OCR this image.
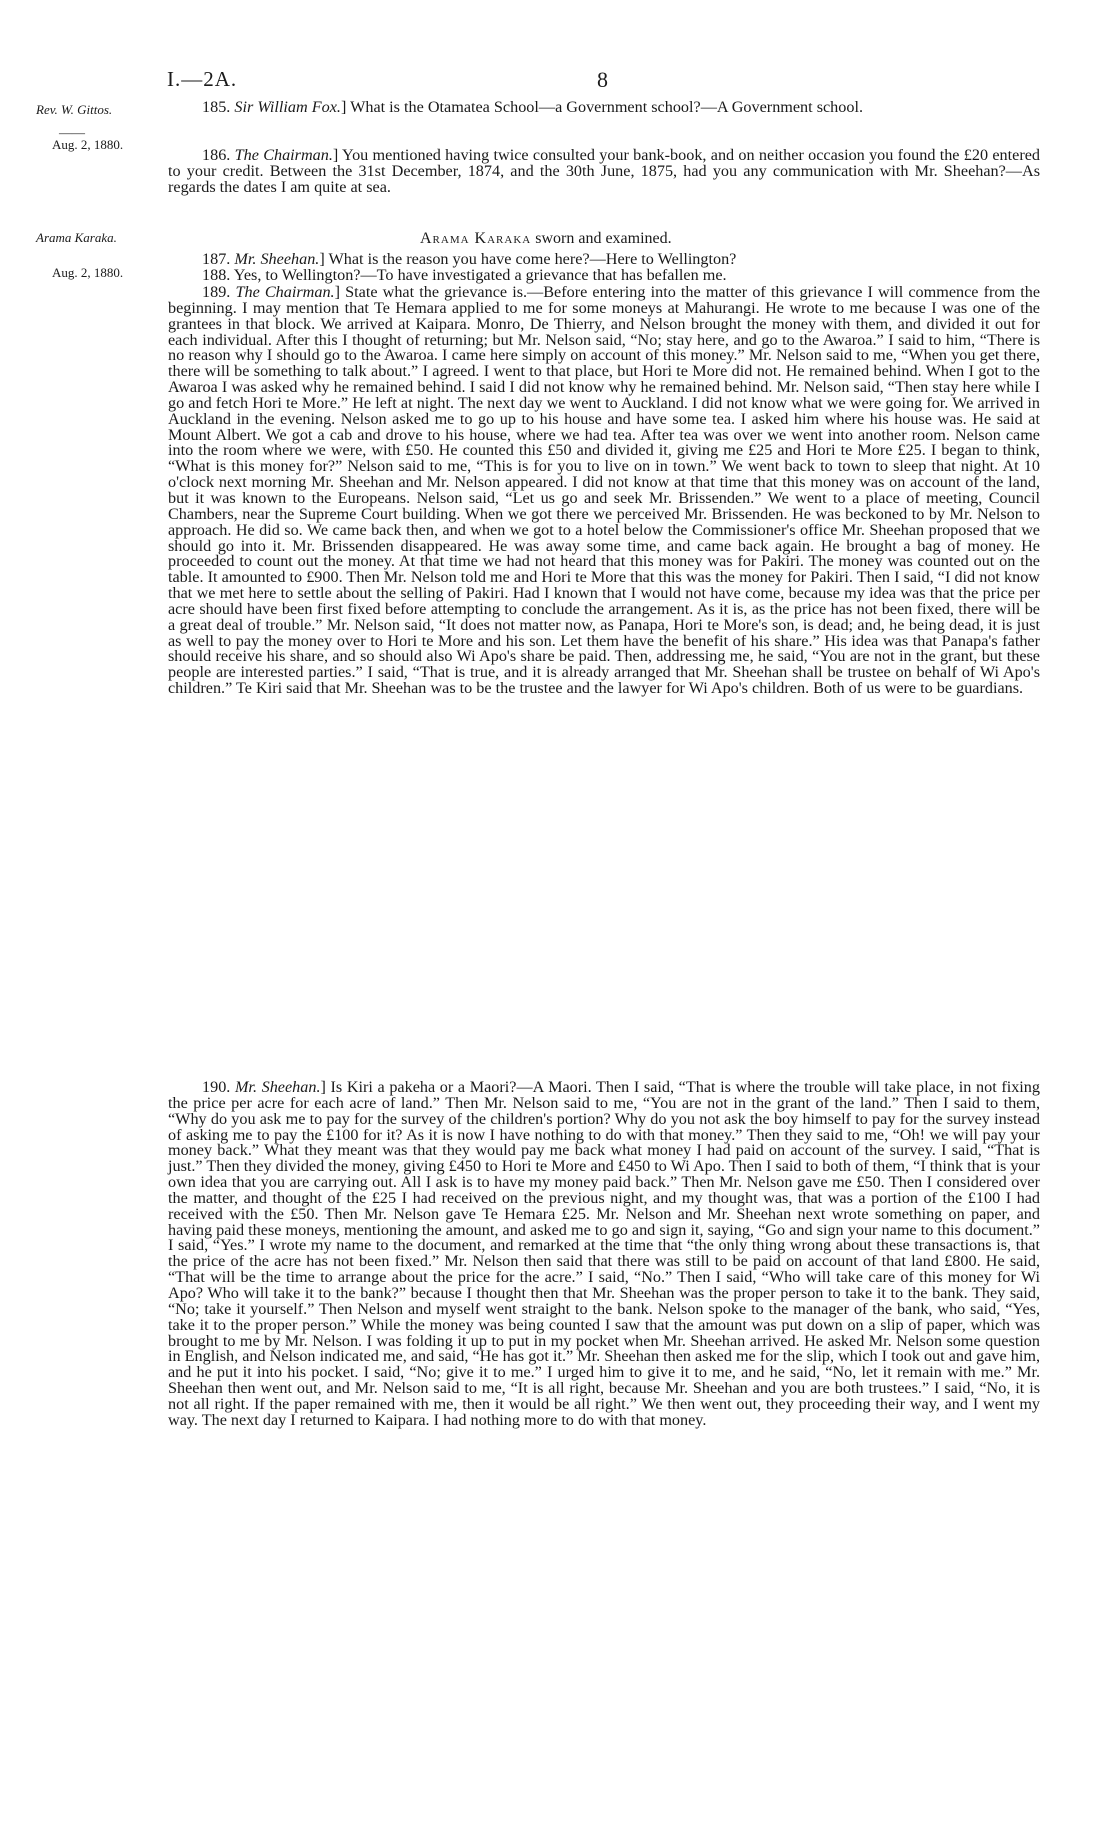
I.—2A.	8
Rev. W. Gittos.
——
Aug. 2, 1880.
Arama Karaka.
Aug. 2, 1880.

185. Sir William Fox.] What is the Otamatea School—a Government school?—A Government school.

186. The Chairman.] You mentioned having twice consulted your bank-book, and on neither occasion you found the £20 entered to your credit. Between the 31st December, 1874, and the 30th June, 1875, had you any communication with Mr. Sheehan?—As regards the dates I am quite at sea.

Arama Karaka sworn and examined.

187. Mr. Sheehan.] What is the reason you have come here?—Here to Wellington?

188. Yes, to Wellington?—To have investigated a grievance that has befallen me.

189. The Chairman.] State what the grievance is.—Before entering into the matter of this grievance I will commence from the beginning. I may mention that Te Hemara applied to me for some moneys at Mahurangi. He wrote to me because I was one of the grantees in that block. We arrived at Kaipara. Monro, De Thierry, and Nelson brought the money with them, and divided it out for each individual. After this I thought of returning; but Mr. Nelson said, “No; stay here, and go to the Awaroa.” I said to him, “There is no reason why I should go to the Awaroa. I came here simply on account of this money.” Mr. Nelson said to me, “When you get there, there will be something to talk about.” I agreed. I went to that place, but Hori te More did not. He remained behind. When I got to the Awaroa I was asked why he remained behind. I said I did not know why he remained behind. Mr. Nelson said, “Then stay here while I go and fetch Hori te More.” He left at night. The next day we went to Auckland. I did not know what we were going for. We arrived in Auckland in the evening. Nelson asked me to go up to his house and have some tea. I asked him where his house was. He said at Mount Albert. We got a cab and drove to his house, where we had tea. After tea was over we went into another room. Nelson came into the room where we were, with £50. He counted this £50 and divided it, giving me £25 and Hori te More £25. I began to think, “What is this money for?” Nelson said to me, “This is for you to live on in town.” We went back to town to sleep that night. At 10 o'clock next morning Mr. Sheehan and Mr. Nelson appeared. I did not know at that time that this money was on account of the land, but it was known to the Europeans. Nelson said, “Let us go and seek Mr. Brissenden.” We went to a place of meeting, Council Chambers, near the Supreme Court building. When we got there we perceived Mr. Brissenden. He was beckoned to by Mr. Nelson to approach. He did so. We came back then, and when we got to a hotel below the Commissioner's office Mr. Sheehan proposed that we should go into it. Mr. Brissenden disappeared. He was away some time, and came back again. He brought a bag of money. He proceeded to count out the money. At that time we had not heard that this money was for Pakiri. The money was counted out on the table. It amounted to £900. Then Mr. Nelson told me and Hori te More that this was the money for Pakiri. Then I said, “I did not know that we met here to settle about the selling of Pakiri. Had I known that I would not have come, because my idea was that the price per acre should have been first fixed before attempting to conclude the arrangement. As it is, as the price has not been fixed, there will be a great deal of trouble.” Mr. Nelson said, “It does not matter now, as Panapa, Hori te More's son, is dead; and, he being dead, it is just as well to pay the money over to Hori te More and his son. Let them have the benefit of his share.” His idea was that Panapa's father should receive his share, and so should also Wi Apo's share be paid. Then, addressing me, he said, “You are not in the grant, but these people are interested parties.” I said, “That is true, and it is already arranged that Mr. Sheehan shall be trustee on behalf of Wi Apo's children.” Te Kiri said that Mr. Sheehan was to be the trustee and the lawyer for Wi Apo's children. Both of us were to be guardians.

190. Mr. Sheehan.] Is Kiri a pakeha or a Maori?—A Maori. Then I said, “That is where the trouble will take place, in not fixing the price per acre for each acre of land.” Then Mr. Nelson said to me, “You are not in the grant of the land.” Then I said to them, “Why do you ask me to pay for the survey of the children's portion? Why do you not ask the boy himself to pay for the survey instead of asking me to pay the £100 for it? As it is now I have nothing to do with that money.” Then they said to me, “Oh! we will pay your money back.” What they meant was that they would pay me back what money I had paid on account of the survey. I said, “That is just.” Then they divided the money, giving £450 to Hori te More and £450 to Wi Apo. Then I said to both of them, “I think that is your own idea that you are carrying out. All I ask is to have my money paid back.” Then Mr. Nelson gave me £50. Then I considered over the matter, and thought of the £25 I had received on the previous night, and my thought was, that was a portion of the £100 I had received with the £50. Then Mr. Nelson gave Te Hemara £25. Mr. Nelson and Mr. Sheehan next wrote something on paper, and having paid these moneys, mentioning the amount, and asked me to go and sign it, saying, “Go and sign your name to this document.” I said, “Yes.” I wrote my name to the document, and remarked at the time that “the only thing wrong about these transactions is, that the price of the acre has not been fixed.” Mr. Nelson then said that there was still to be paid on account of that land £800. He said, “That will be the time to arrange about the price for the acre.” I said, “No.” Then I said, “Who will take care of this money for Wi Apo? Who will take it to the bank?” because I thought then that Mr. Sheehan was the proper person to take it to the bank. They said, “No; take it yourself.” Then Nelson and myself went straight to the bank. Nelson spoke to the manager of the bank, who said, “Yes, take it to the proper person.” While the money was being counted I saw that the amount was put down on a slip of paper, which was brought to me by Mr. Nelson. I was folding it up to put in my pocket when Mr. Sheehan arrived. He asked Mr. Nelson some question in English, and Nelson indicated me, and said, “He has got it.” Mr. Sheehan then asked me for the slip, which I took out and gave him, and he put it into his pocket. I said, “No; give it to me.” I urged him to give it to me, and he said, “No, let it remain with me.” Mr. Sheehan then went out, and Mr. Nelson said to me, “It is all right, because Mr. Sheehan and you are both trustees.” I said, “No, it is not all right. If the paper remained with me, then it would be all right.” We then went out, they proceeding their way, and I went my way. The next day I returned to Kaipara. I had nothing more to do with that money.
